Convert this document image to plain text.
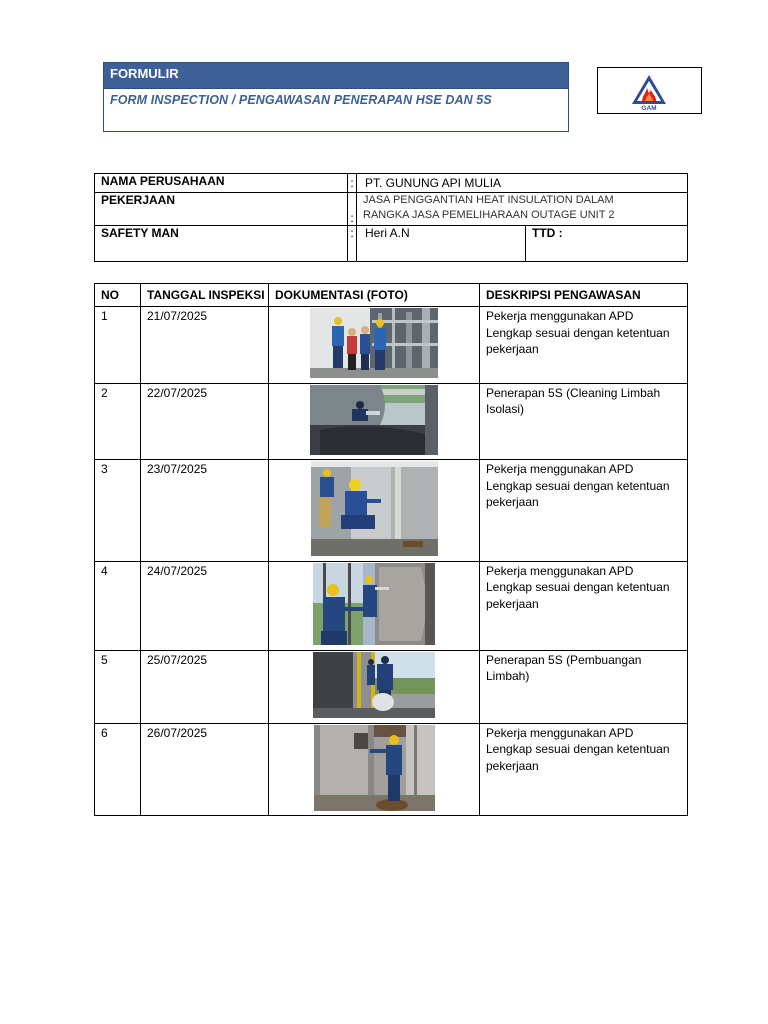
FORMULIR
FORM INSPECTION / PENGAWASAN PENERAPAN HSE DAN 5S
GAM
NAMA PERUSAHAAN	:	PT. GUNUNG API MULIA	
PEKERJAAN	:	JASA PENGGANTIAN HEAT INSULATION DALAM
RANGKA JASA PEMELIHARAAN OUTAGE UNIT 2	

SAFETY MAN	:	Heri A.N	TTD :
NO	TANGGAL INSPEKSI	DOKUMENTASI (FOTO)	DESKRIPSI PENGAWASAN
1	21/07/2025		Pekerja menggunakan APD
Lengkap sesuai dengan ketentuan
pekerjaan

2	22/07/2025		Penerapan 5S (Cleaning Limbah
Isolasi)

3	23/07/2025		Pekerja menggunakan APD
Lengkap sesuai dengan ketentuan
pekerjaan

4	24/07/2025		Pekerja menggunakan APD
Lengkap sesuai dengan ketentuan
pekerjaan

5	25/07/2025		Penerapan 5S (Pembuangan
Limbah)

6	26/07/2025		Pekerja menggunakan APD
Lengkap sesuai dengan ketentuan
pekerjaan
